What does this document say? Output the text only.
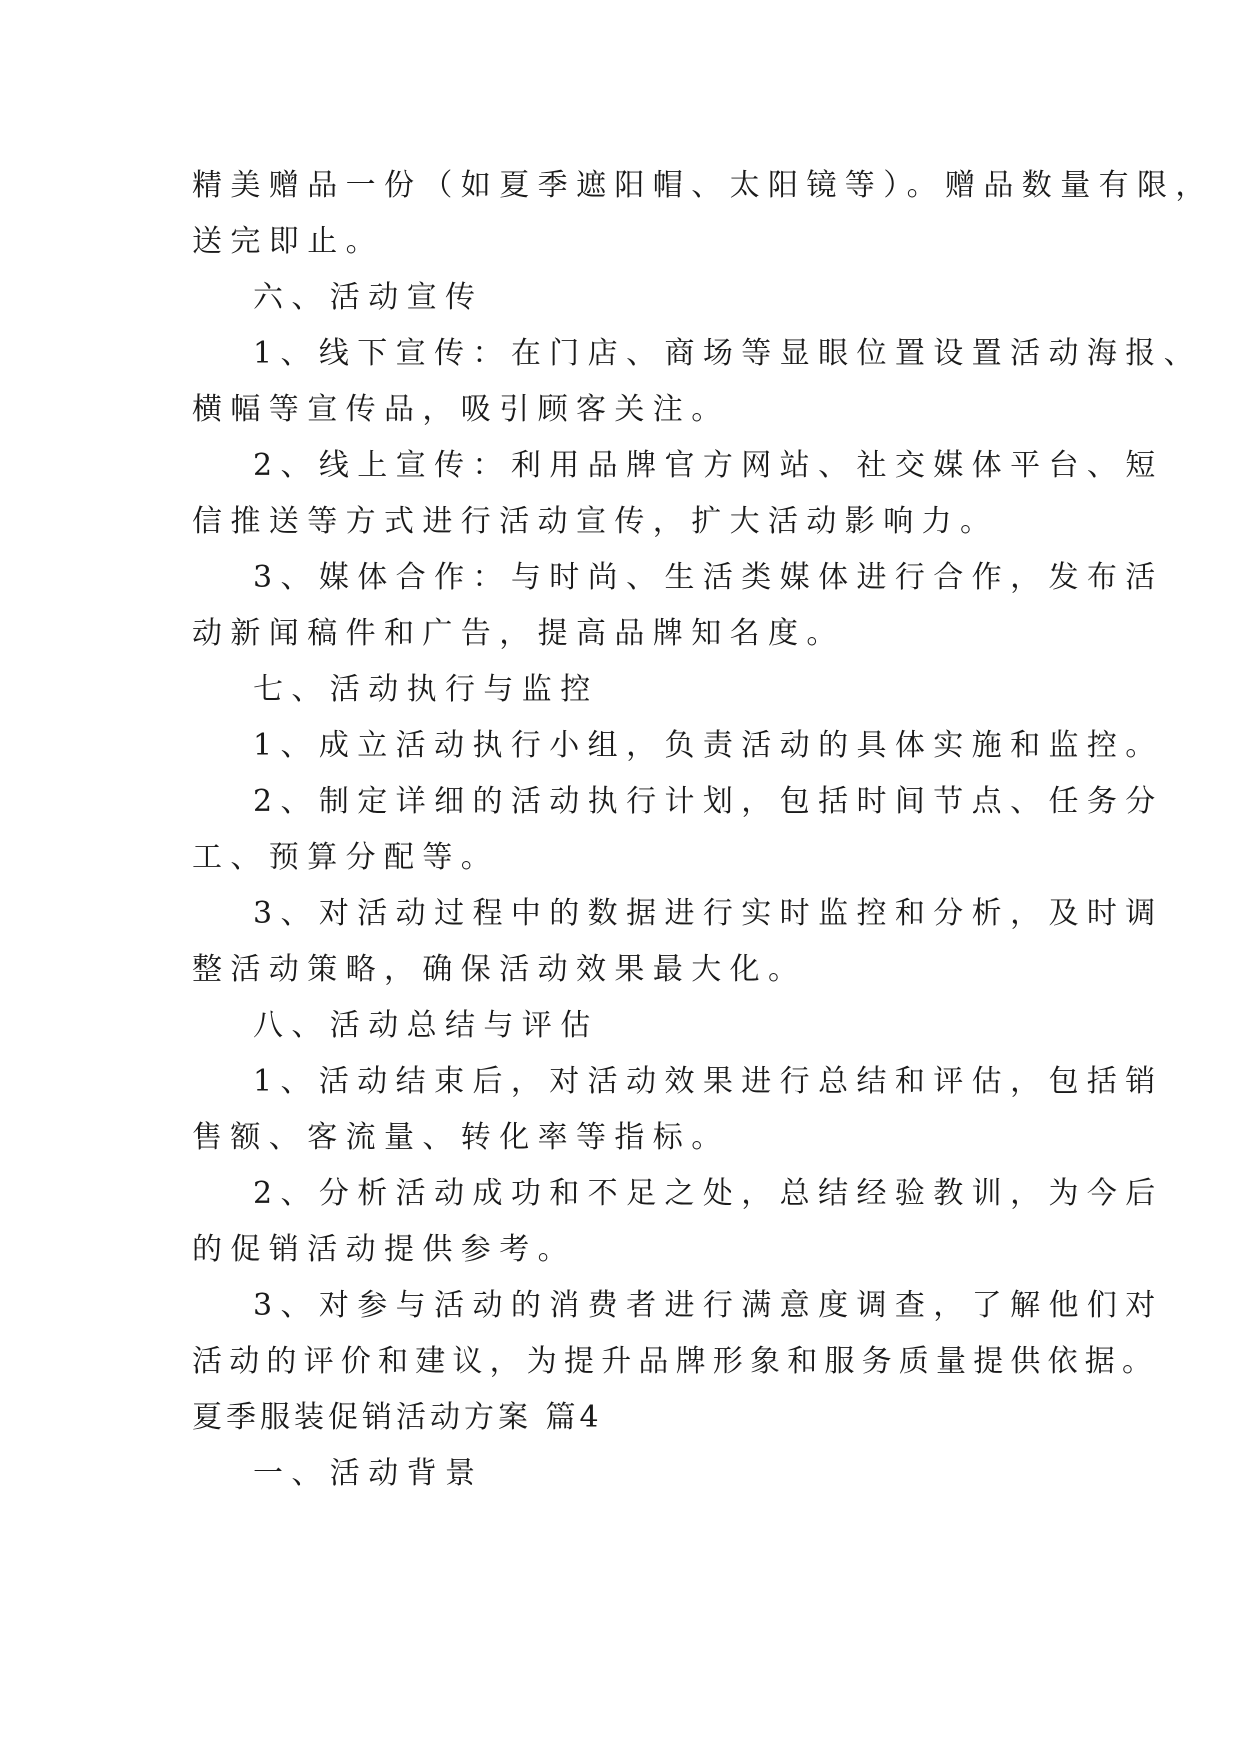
精美赠品一份（如夏季遮阳帽、太阳镜等）。赠品数量有限，
送完即止。
六、活动宣传
1、线下宣传：在门店、商场等显眼位置设置活动海报、
横幅等宣传品，吸引顾客关注。
2、线上宣传：利用品牌官方网站、社交媒体平台、短
信推送等方式进行活动宣传，扩大活动影响力。
3、媒体合作：与时尚、生活类媒体进行合作，发布活
动新闻稿件和广告，提高品牌知名度。
七、活动执行与监控
1、成立活动执行小组，负责活动的具体实施和监控。
2、制定详细的活动执行计划，包括时间节点、任务分
工、预算分配等。
3、对活动过程中的数据进行实时监控和分析，及时调
整活动策略，确保活动效果最大化。
八、活动总结与评估
1、活动结束后，对活动效果进行总结和评估，包括销
售额、客流量、转化率等指标。
2、分析活动成功和不足之处，总结经验教训，为今后
的促销活动提供参考。
3、对参与活动的消费者进行满意度调查，了解他们对
活动的评价和建议，为提升品牌形象和服务质量提供依据。
夏季服装促销活动方案 篇4
一、活动背景
